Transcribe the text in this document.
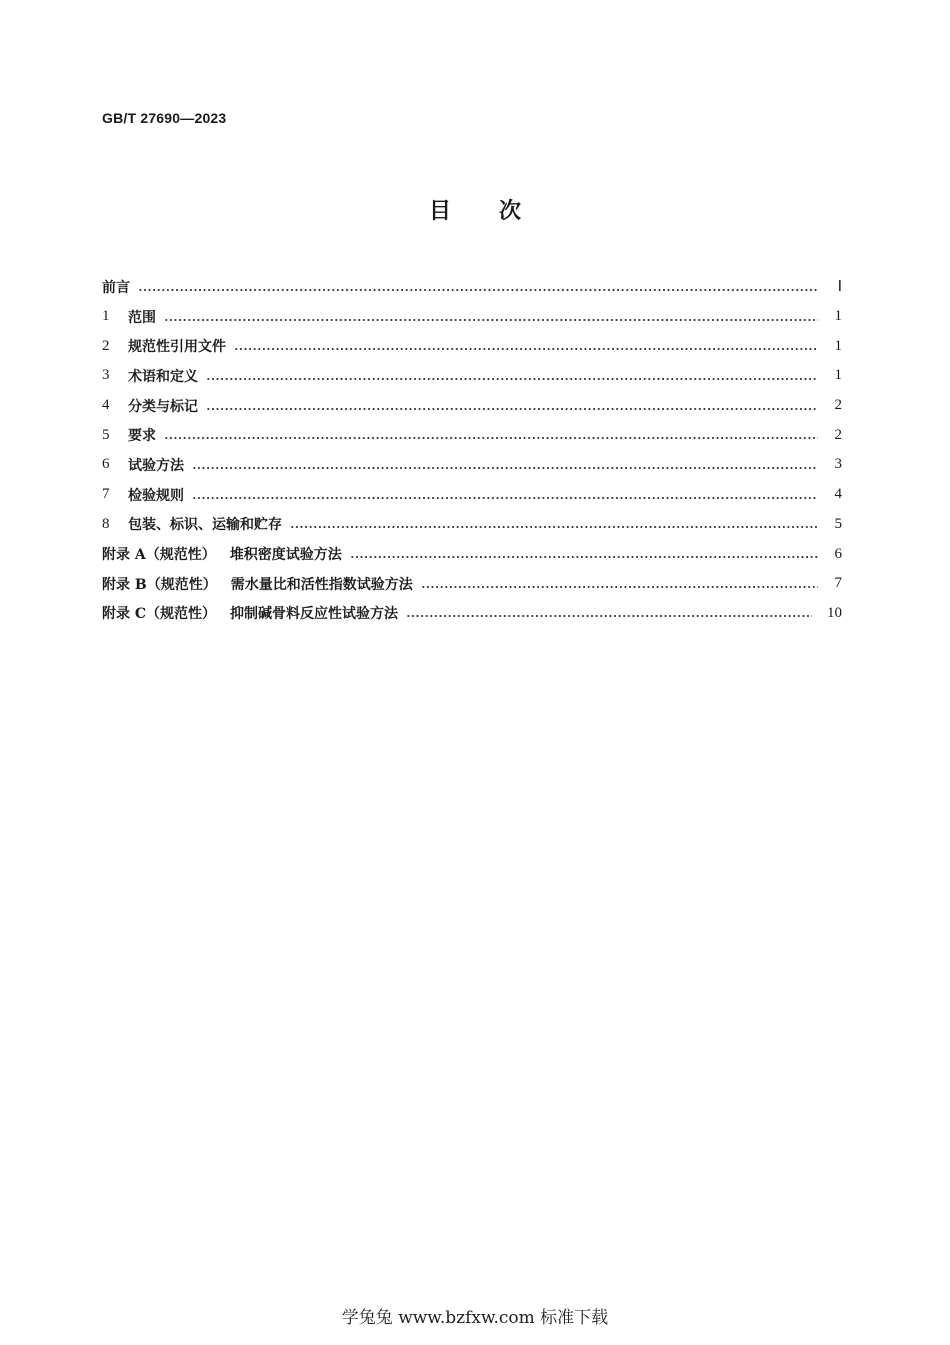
GB/T 27690—2023
目次
前言	Ⅰ
1	范围	1
2	规范性引用文件	1
3	术语和定义	1
4	分类与标记	2
5	要求	2
6	试验方法	3
7	检验规则	4
8	包装、标识、运输和贮存	5
附录 A（规范性） 堆积密度试验方法	6
附录 B（规范性） 需水量比和活性指数试验方法	7
附录 C（规范性） 抑制碱骨料反应性试验方法	10
学兔兔 www.bzfxw.com 标准下载
